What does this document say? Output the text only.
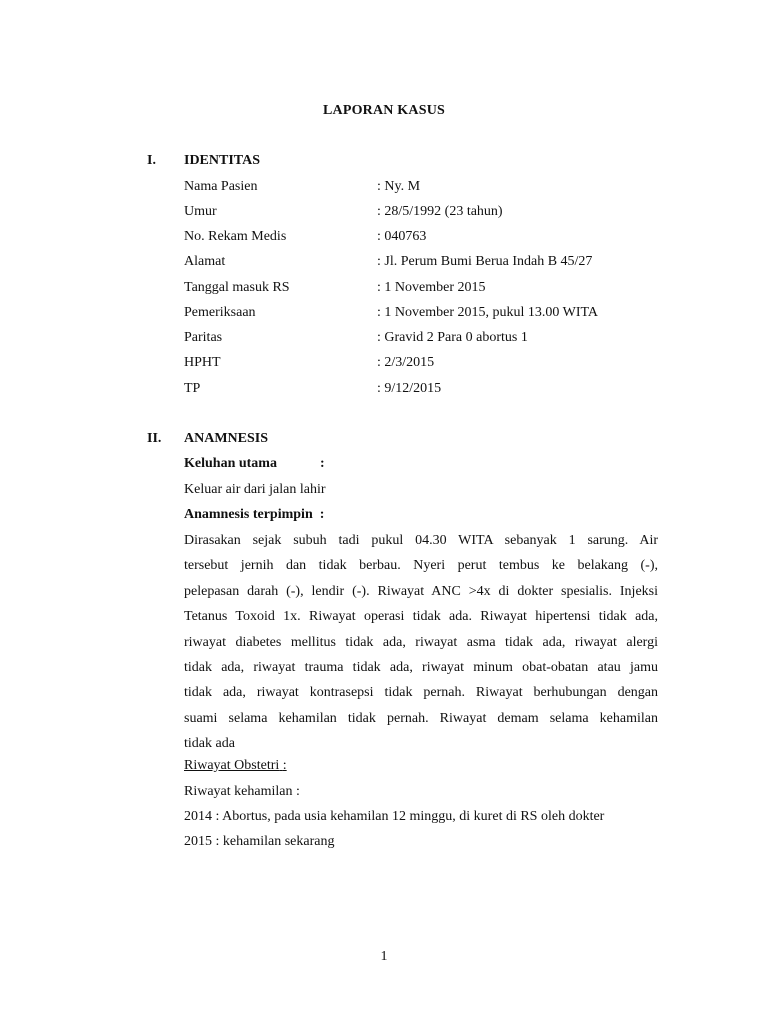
LAPORAN KASUS
I. IDENTITAS
Nama Pasien	: Ny. M
Umur	: 28/5/1992 (23 tahun)
No. Rekam Medis	: 040763
Alamat	: Jl. Perum Bumi Berua Indah B 45/27
Tanggal masuk RS	: 1 November 2015
Pemeriksaan	: 1 November 2015, pukul 13.00 WITA
Paritas	: Gravid 2 Para 0 abortus 1
HPHT	: 2/3/2015
TP	: 9/12/2015
II. ANAMNESIS
Keluhan utama	:
Keluar air dari jalan lahir
Anamnesis terpimpin :
Dirasakan sejak subuh tadi pukul 04.30 WITA sebanyak 1 sarung. Air
tersebut jernih dan tidak berbau. Nyeri perut tembus ke belakang (-),
pelepasan darah (-), lendir (-). Riwayat ANC >4x di dokter spesialis. Injeksi
Tetanus Toxoid 1x. Riwayat operasi tidak ada. Riwayat hipertensi tidak ada,
riwayat diabetes mellitus tidak ada, riwayat asma tidak ada, riwayat alergi
tidak ada, riwayat trauma tidak ada, riwayat minum obat-obatan atau jamu
tidak ada, riwayat kontrasepsi tidak pernah. Riwayat berhubungan dengan
suami selama kehamilan tidak pernah. Riwayat demam selama kehamilan
tidak ada
Riwayat Obstetri :
Riwayat kehamilan :
2014 : Abortus, pada usia kehamilan 12 minggu, di kuret di RS oleh dokter
2015 : kehamilan sekarang
1
